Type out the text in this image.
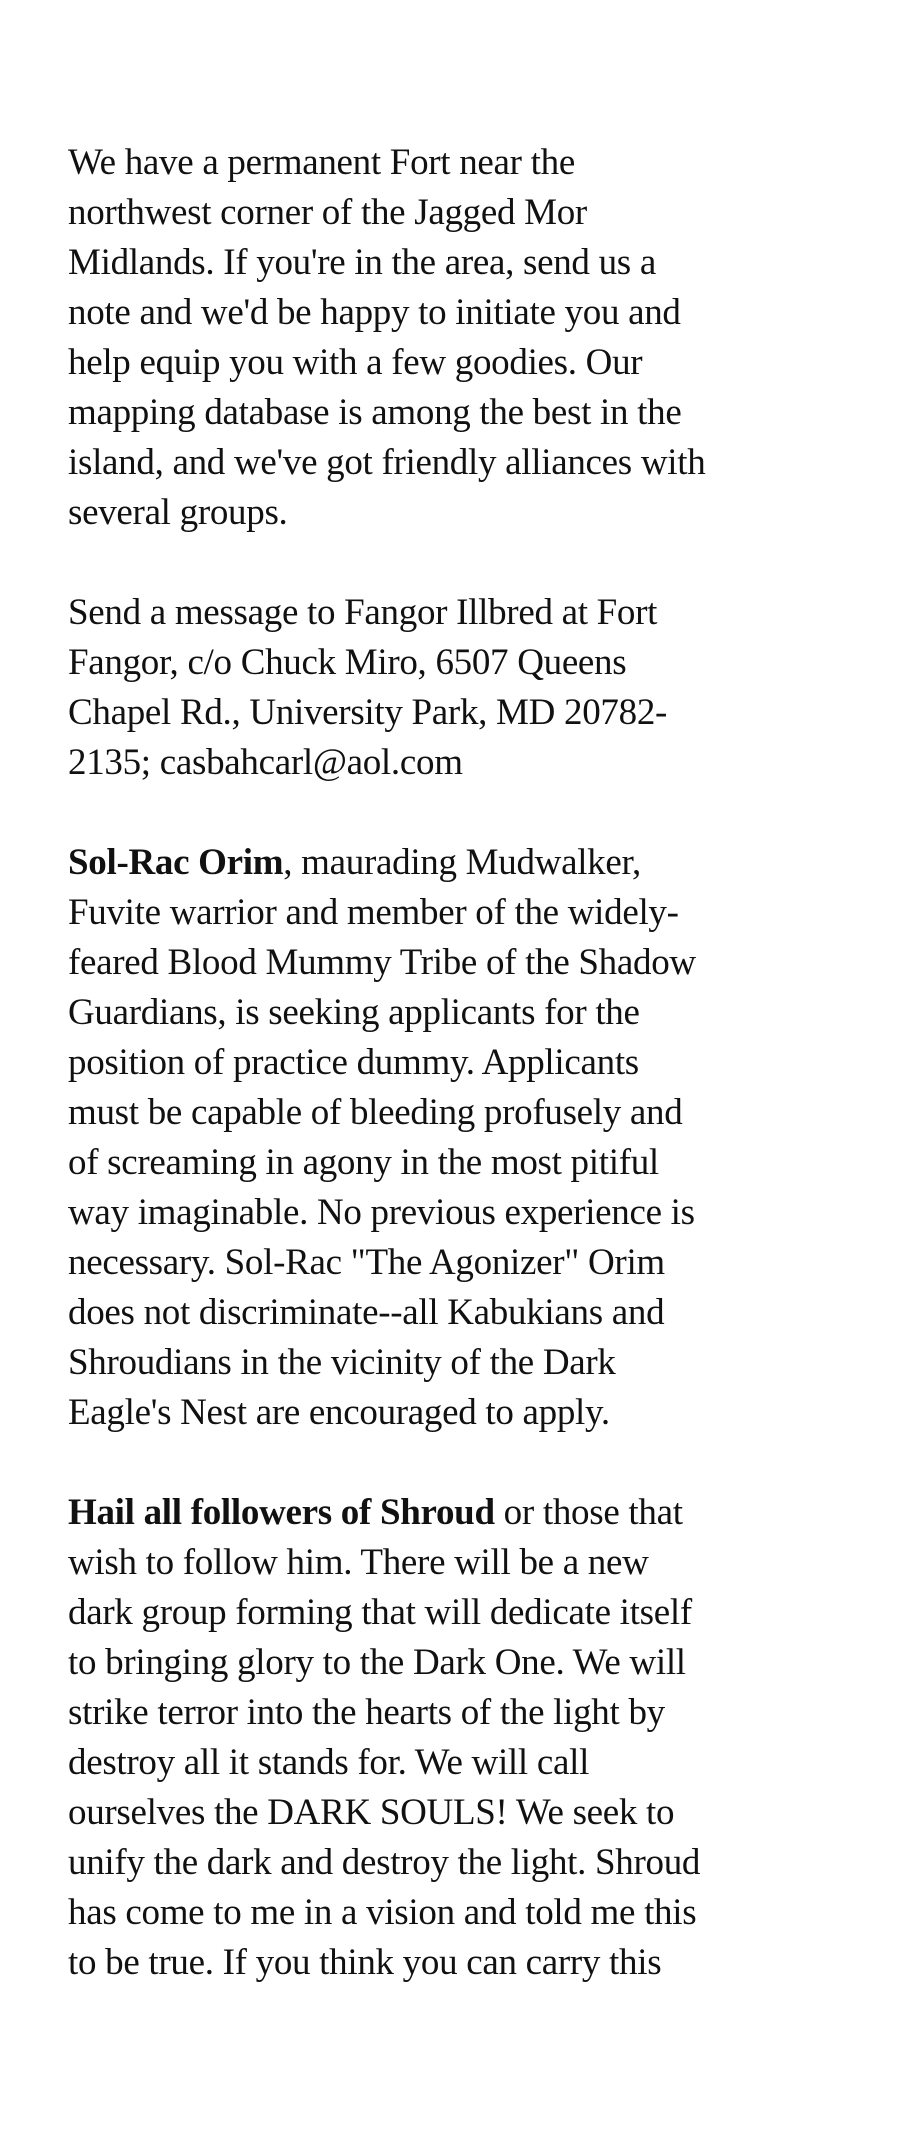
We have a permanent Fort near the
northwest corner of the Jagged Mor
Midlands. If you're in the area, send us a
note and we'd be happy to initiate you and
help equip you with a few goodies. Our
mapping database is among the best in the
island, and we've got friendly alliances with
several groups.

Send a message to Fangor Illbred at Fort
Fangor, c/o Chuck Miro, 6507 Queens
Chapel Rd., University Park, MD 20782-
2135; casbahcarl@aol.com

Sol-Rac Orim, maurading Mudwalker,
Fuvite warrior and member of the widely-
feared Blood Mummy Tribe of the Shadow
Guardians, is seeking applicants for the
position of practice dummy. Applicants
must be capable of bleeding profusely and
of screaming in agony in the most pitiful
way imaginable. No previous experience is
necessary. Sol-Rac "The Agonizer" Orim
does not discriminate--all Kabukians and
Shroudians in the vicinity of the Dark
Eagle's Nest are encouraged to apply.

Hail all followers of Shroud or those that
wish to follow him. There will be a new
dark group forming that will dedicate itself
to bringing glory to the Dark One. We will
strike terror into the hearts of the light by
destroy all it stands for. We will call
ourselves the DARK SOULS! We seek to
unify the dark and destroy the light. Shroud
has come to me in a vision and told me this
to be true. If you think you can carry this
